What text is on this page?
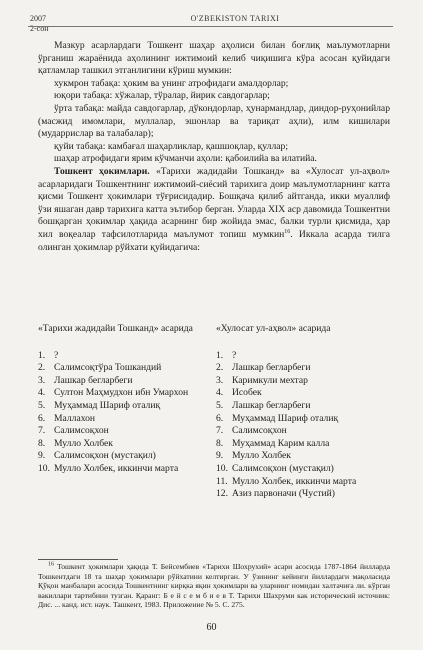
2007
2-сон
O'ZBEKISTON TARIXI

Мазкур асарлардаги Тошкент шаҳар аҳолиси билан боғлиқ маълумотларни ўрганиш жараёнида аҳолининг ижтимоий келиб чиқишига кўра асосан қуйидаги қатламлар ташкил этганлигини кўриш мумкин:

хукмрон табақа: ҳоким ва унинг атрофидаги амалдорлар;

юқори табақа: хўжалар, тўралар, йирик савдогарлар;

ўрта табақа: майда савдогарлар, дўкондорлар, ҳунармандлар, диндор-руҳонийлар (масжид имомлари, муллалар, эшонлар ва тариқат аҳли), илм кишилари (мударрислар ва талабалар);

қуйи табақа: камбағал шаҳарликлар, қашшоқлар, қуллар;

шаҳар атрофидаги ярим кўчманчи аҳоли: қабоилийа ва илатийа.

Тошкент ҳокимлари. «Тарихи жадидайи Тошканд» ва «Хулосат ул-аҳвол» асарларидаги Тошкентнинг ижтимоий-сиёсий тарихига доир маълумотларнинг катта қисми Тошкент ҳокимлари тўғрисидадир. Бошқача қилиб айтганда, икки муаллиф ўзи яшаган давр тарихига катта эътибор берган. Уларда XIX аср давомида Тошкентни бошқарган ҳокимлар ҳақида асарнинг бир жойида эмас, балки турли қисмида, ҳар хил воқеалар тафсилотларида маълумот топиш мумкин$^{16}$. Иккала асарда тилга олинган ҳокимлар рўйхати қуйидагича:

«Тарихи жадидайи Тошканд» асарида

1. ?
2. Салимсоқтўра Тошкандий
3. Лашкар бегларбеги
4. Султон Маҳмудхон ибн Умархон
5. Муҳаммад Шариф оталиқ
6. Маллахон
7. Салимсоқхон
8. Мулло Холбек
9. Салимсоқхон (мустақил)
10. Мулло Холбек, иккинчи марта

«Хулосат ул-аҳвол» асарида

1. ?
2. Лашкар бегларбеги
3. Каримкули мехтар
4. Исобек
5. Лашкар бегларбеги
6. Муҳаммад Шариф оталиқ
7. Салимсоқхон
8. Муҳаммад Карим калла
9. Мулло Холбек
10. Салимсоқхон (мустақил)
11. Мулло Холбек, иккинчи марта
12. Азиз парвоначи (Чустий)

$^{16}$ Тошкент ҳокимлари ҳақида Т. Бейсембиев «Тарихи Шохрухий» асари асосида 1787-1864 йилларда Тошкентдаги 18 та шаҳар ҳокимлари рўйхатини келтирган. У ўзининг кейинги йиллардаги мақоласида Қўқон манбалари асосида Тошкентнинг кирқка яқин ҳокимлари ва уларнинг номидан халтачиға ли. кўрган вакиллари тартибини тузган. Қаранг: Б е й с е м б и е в Т. Тарихи Шахруми как исторический источник: Дис. ... канд. ист. наук. Ташкент, 1983. Приложение № 5. С. 275.

60
